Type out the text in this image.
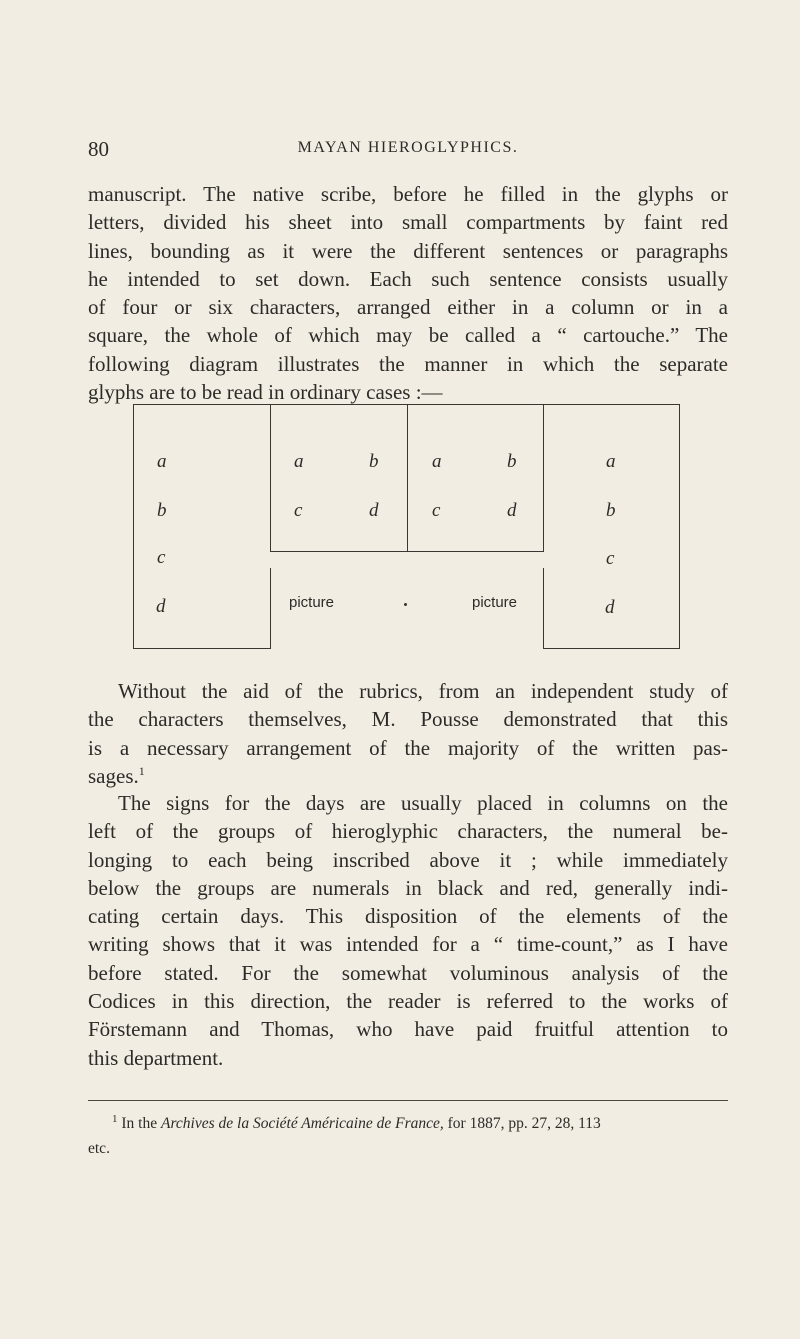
80	MAYAN HIEROGLYPHICS.

manuscript. The native scribe, before he filled in the glyphs or
letters, divided his sheet into small compartments by faint red
lines, bounding as it were the different sentences or paragraphs
he intended to set down. Each such sentence consists usually
of four or six characters, arranged either in a column or in a
square, the whole of which may be called a “ cartouche.” The
following diagram illustrates the manner in which the separate
glyphs are to be read in ordinary cases :—

a
b
c
d
a	b
c	d
a	b
c	d
a
b
c
d
picture	picture

Without the aid of the rubrics, from an independent study of
the characters themselves, M. Pousse demonstrated that this
is a necessary arrangement of the majority of the written pas-
sages.$^1$

The signs for the days are usually placed in columns on the
left of the groups of hieroglyphic characters, the numeral be-
longing to each being inscribed above it ; while immediately
below the groups are numerals in black and red, generally indi-
cating certain days. This disposition of the elements of the
writing shows that it was intended for a “ time-count,” as I have
before stated. For the somewhat voluminous analysis of the
Codices in this direction, the reader is referred to the works of
Förstemann and Thomas, who have paid fruitful attention to
this department.

$^1$ In the Archives de la Société Américaine de France, for 1887, pp. 27, 28, 113
etc.
